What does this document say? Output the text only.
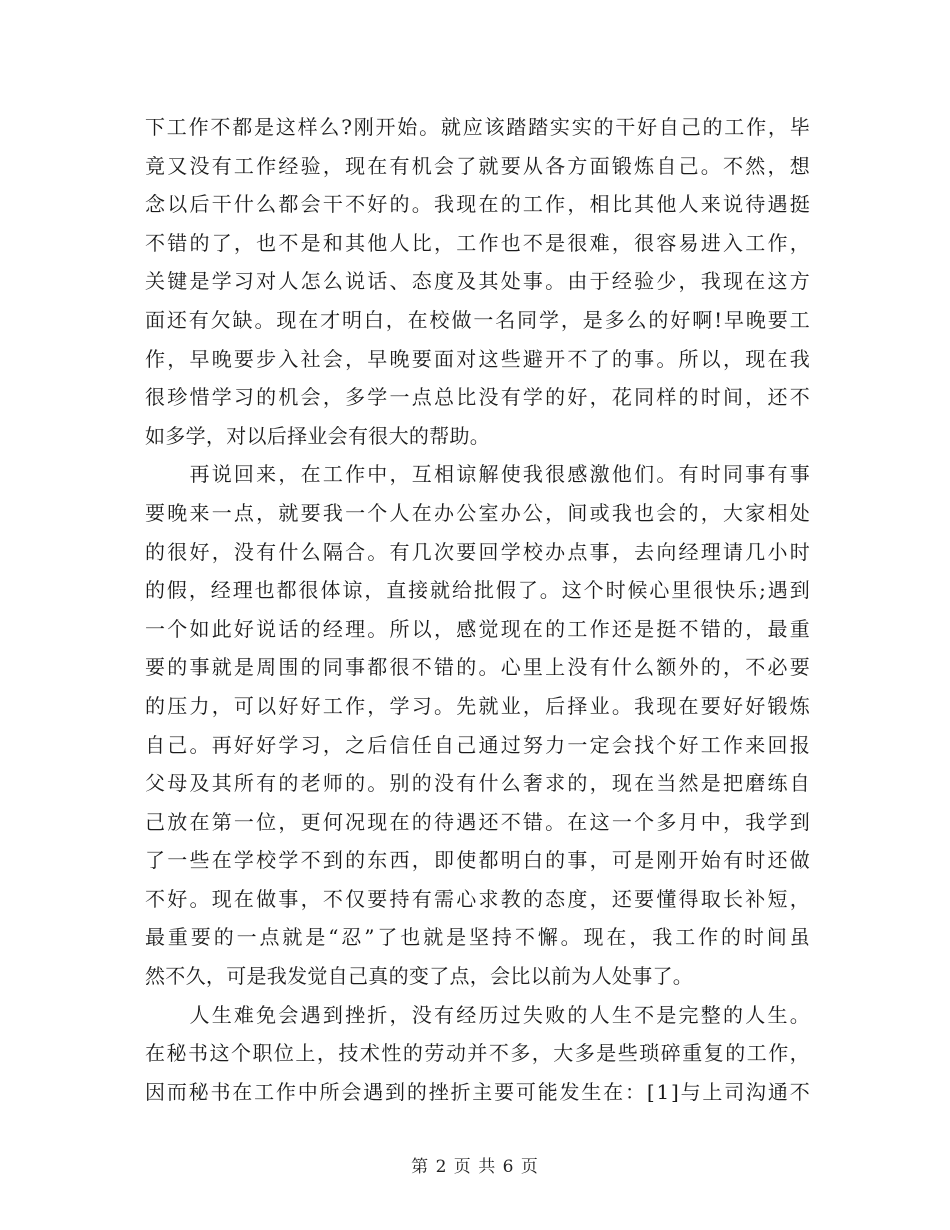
下工作不都是这样么?刚开始。就应该踏踏实实的干好自己的工作，毕
竟又没有工作经验，现在有机会了就要从各方面锻炼自己。不然，想
念以后干什么都会干不好的。我现在的工作，相比其他人来说待遇挺
不错的了，也不是和其他人比，工作也不是很难，很容易进入工作，
关键是学习对人怎么说话、态度及其处事。由于经验少，我现在这方
面还有欠缺。现在才明白，在校做一名同学，是多么的好啊!早晚要工
作，早晚要步入社会，早晚要面对这些避开不了的事。所以，现在我
很珍惜学习的机会，多学一点总比没有学的好，花同样的时间，还不
如多学，对以后择业会有很大的帮助。
　　再说回来，在工作中，互相谅解使我很感激他们。有时同事有事
要晚来一点，就要我一个人在办公室办公，间或我也会的，大家相处
的很好，没有什么隔合。有几次要回学校办点事，去向经理请几小时
的假，经理也都很体谅，直接就给批假了。这个时候心里很快乐;遇到
一个如此好说话的经理。所以，感觉现在的工作还是挺不错的，最重
要的事就是周围的同事都很不错的。心里上没有什么额外的，不必要
的压力，可以好好工作，学习。先就业，后择业。我现在要好好锻炼
自己。再好好学习，之后信任自己通过努力一定会找个好工作来回报
父母及其所有的老师的。别的没有什么奢求的，现在当然是把磨练自
己放在第一位，更何况现在的待遇还不错。在这一个多月中，我学到
了一些在学校学不到的东西，即使都明白的事，可是刚开始有时还做
不好。现在做事，不仅要持有需心求教的态度，还要懂得取长补短，
最重要的一点就是“忍”了也就是坚持不懈。现在，我工作的时间虽
然不久，可是我发觉自己真的变了点，会比以前为人处事了。
　　人生难免会遇到挫折，没有经历过失败的人生不是完整的人生。
在秘书这个职位上，技术性的劳动并不多，大多是些琐碎重复的工作，
因而秘书在工作中所会遇到的挫折主要可能发生在：[1]与上司沟通不
第 2 页 共 6 页
